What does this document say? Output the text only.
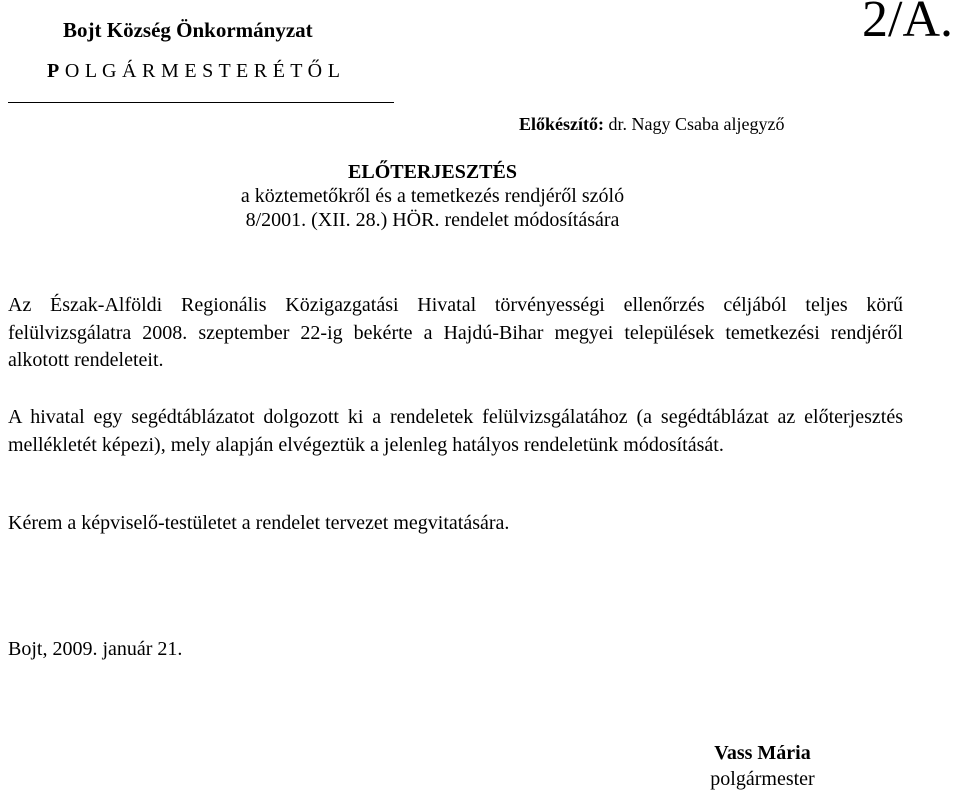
Bojt Község Önkormányzat
P O L G Á R M E S T E R É T Ő L
2/A.
Előkészítő: dr. Nagy Csaba aljegyző
ELŐTERJESZTÉS
a köztemetőkről és a temetkezés rendjéről szóló
8/2001. (XII. 28.) HÖR. rendelet módosítására
Az Észak-Alföldi Regionális Közigazgatási Hivatal törvényességi ellenőrzés céljából teljes körű felülvizsgálatra 2008. szeptember 22-ig bekérte a Hajdú-Bihar megyei települések temetkezési rendjéről alkotott rendeleteit.
A hivatal egy segédtáblázatot dolgozott ki a rendeletek felülvizsgálatához (a segédtáblázat az előterjesztés mellékletét képezi), mely alapján elvégeztük a jelenleg hatályos rendeletünk módosítását.
Kérem a képviselő-testületet a rendelet tervezet megvitatására.
Bojt, 2009. január 21.
Vass Mária
polgármester
